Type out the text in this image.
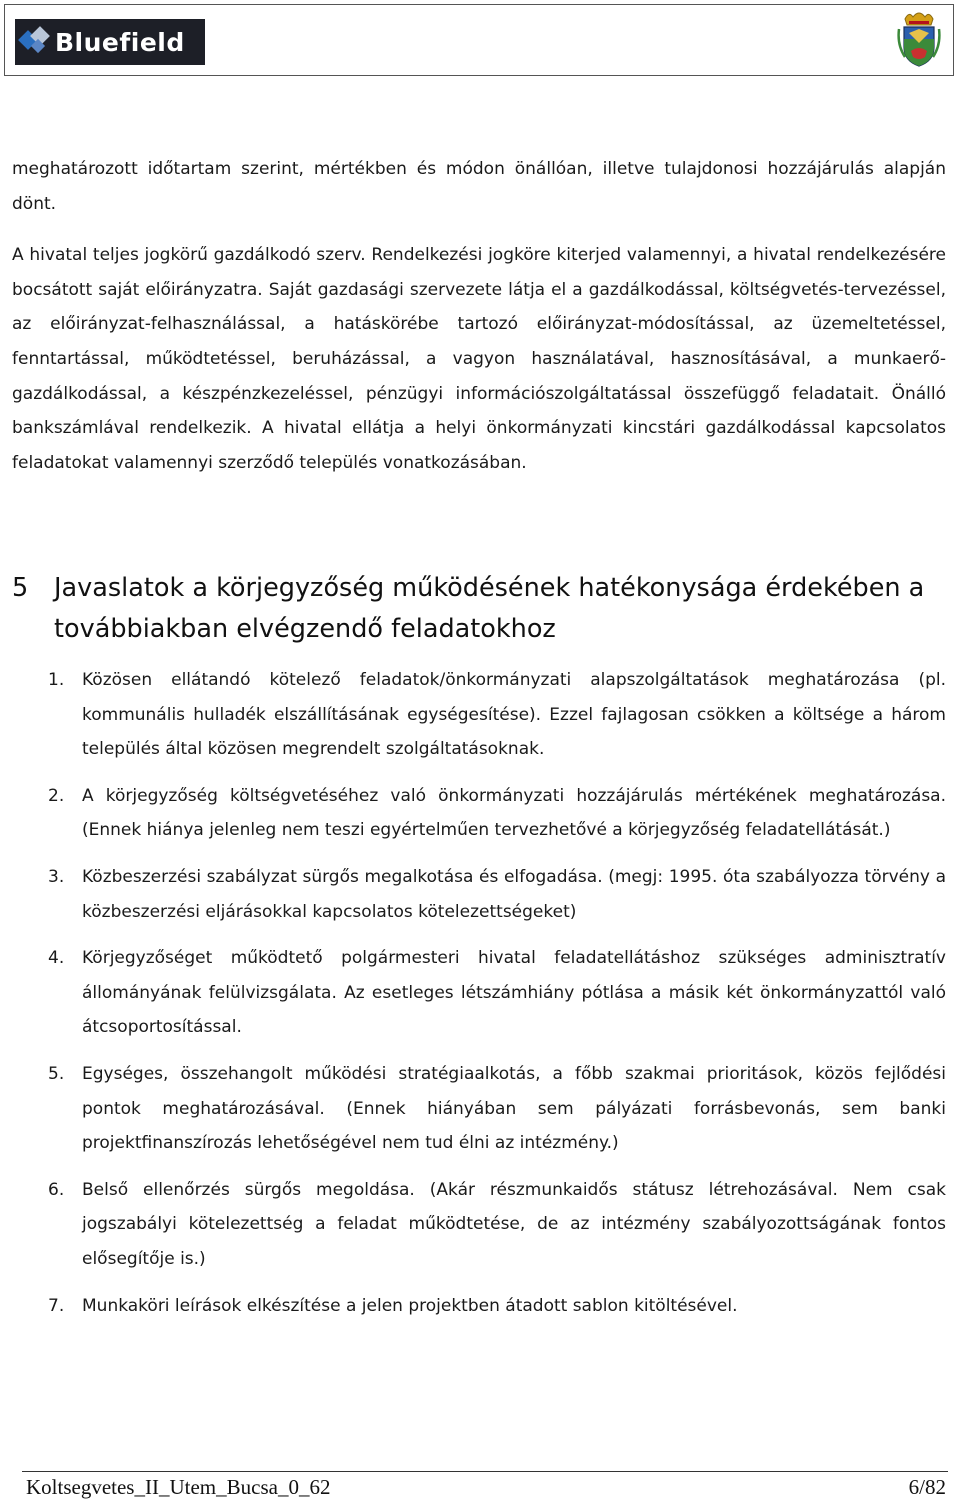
Bluefield

meghatározott időtartam szerint, mértékben és módon önállóan, illetve tulajdonosi hozzájárulás alapján dönt.

A hivatal teljes jogkörű gazdálkodó szerv. Rendelkezési jogköre kiterjed valamennyi, a hivatal rendelkezésére bocsátott saját előirányzatra. Saját gazdasági szervezete látja el a gazdálkodással, költségvetés-tervezéssel, az előirányzat-felhasználással, a hatáskörébe tartozó előirányzat-módosítással, az üzemeltetéssel, fenntartással, működtetéssel, beruházással, a vagyon használatával, hasznosításával, a munkaerő-gazdálkodással, a készpénzkezeléssel, pénzügyi információszolgáltatással összefüggő feladatait. Önálló bankszámlával rendelkezik. A hivatal ellátja a helyi önkormányzati kincstári gazdálkodással kapcsolatos feladatokat valamennyi szerződő település vonatkozásában.

5	Javaslatok a körjegyzőség működésének hatékonysága érdekében a továbbiakban elvégzendő feladatokhoz
1. Közösen ellátandó kötelező feladatok/önkormányzati alapszolgáltatások meghatározása (pl. kommunális hulladék elszállításának egységesítése). Ezzel fajlagosan csökken a költsége a három település által közösen megrendelt szolgáltatásoknak.
2. A körjegyzőség költségvetéséhez való önkormányzati hozzájárulás mértékének meghatározása. (Ennek hiánya jelenleg nem teszi egyértelműen tervezhetővé a körjegyzőség feladatellátását.)
3. Közbeszerzési szabályzat sürgős megalkotása és elfogadása. (megj: 1995. óta szabályozza törvény a közbeszerzési eljárásokkal kapcsolatos kötelezettségeket)
4. Körjegyzőséget működtető polgármesteri hivatal feladatellátáshoz szükséges adminisztratív állományának felülvizsgálata. Az esetleges létszámhiány pótlása a másik két önkormányzattól való átcsoportosítással.
5. Egységes, összehangolt működési stratégiaalkotás, a főbb szakmai prioritások, közös fejlődési pontok meghatározásával. (Ennek hiányában sem pályázati forrásbevonás, sem banki projektfinanszírozás lehetőségével nem tud élni az intézmény.)
6. Belső ellenőrzés sürgős megoldása. (Akár részmunkaidős státusz létrehozásával. Nem csak jogszabályi kötelezettség a feladat működtetése, de az intézmény szabályozottságának fontos elősegítője is.)
7. Munkaköri leírások elkészítése a jelen projektben átadott sablon kitöltésével.
Koltsegvetes_II_Utem_Bucsa_0_62	6/82
